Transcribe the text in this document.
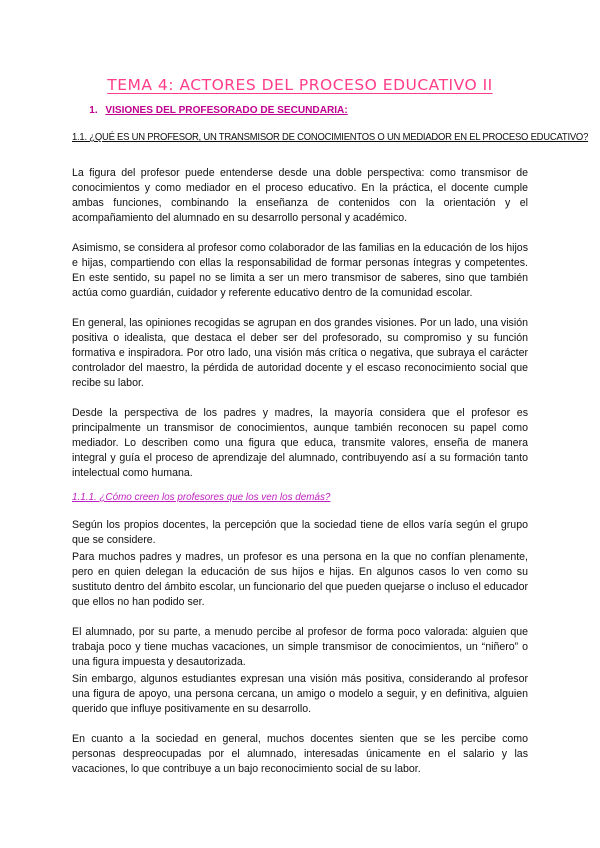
TEMA 4: ACTORES DEL PROCESO EDUCATIVO II
1. VISIONES DEL PROFESORADO DE SECUNDARIA:
1.1. ¿QUÉ ES UN PROFESOR, UN TRANSMISOR DE CONOCIMIENTOS O UN MEDIADOR EN EL PROCESO EDUCATIVO?

La figura del profesor puede entenderse desde una doble perspectiva: como transmisor de conocimientos y como mediador en el proceso educativo. En la práctica, el docente cumple ambas funciones, combinando la enseñanza de contenidos con la orientación y el acompañamiento del alumnado en su desarrollo personal y académico.

Asimismo, se considera al profesor como colaborador de las familias en la educación de los hijos e hijas, compartiendo con ellas la responsabilidad de formar personas íntegras y competentes. En este sentido, su papel no se limita a ser un mero transmisor de saberes, sino que también actúa como guardián, cuidador y referente educativo dentro de la comunidad escolar.

En general, las opiniones recogidas se agrupan en dos grandes visiones. Por un lado, una visión positiva o idealista, que destaca el deber ser del profesorado, su compromiso y su función formativa e inspiradora. Por otro lado, una visión más crítica o negativa, que subraya el carácter controlador del maestro, la pérdida de autoridad docente y el escaso reconocimiento social que recibe su labor.

Desde la perspectiva de los padres y madres, la mayoría considera que el profesor es principalmente un transmisor de conocimientos, aunque también reconocen su papel como mediador. Lo describen como una figura que educa, transmite valores, enseña de manera integral y guía el proceso de aprendizaje del alumnado, contribuyendo así a su formación tanto intelectual como humana.

1.1.1. ¿Cómo creen los profesores que los ven los demás?

Según los propios docentes, la percepción que la sociedad tiene de ellos varía según el grupo que se considere.

Para muchos padres y madres, un profesor es una persona en la que no confían plenamente, pero en quien delegan la educación de sus hijos e hijas. En algunos casos lo ven como su sustituto dentro del ámbito escolar, un funcionario del que pueden quejarse o incluso el educador que ellos no han podido ser.

El alumnado, por su parte, a menudo percibe al profesor de forma poco valorada: alguien que trabaja poco y tiene muchas vacaciones, un simple transmisor de conocimientos, un “niñero” o una figura impuesta y desautorizada.

Sin embargo, algunos estudiantes expresan una visión más positiva, considerando al profesor una figura de apoyo, una persona cercana, un amigo o modelo a seguir, y en definitiva, alguien querido que influye positivamente en su desarrollo.

En cuanto a la sociedad en general, muchos docentes sienten que se les percibe como personas despreocupadas por el alumnado, interesadas únicamente en el salario y las vacaciones, lo que contribuye a un bajo reconocimiento social de su labor.
